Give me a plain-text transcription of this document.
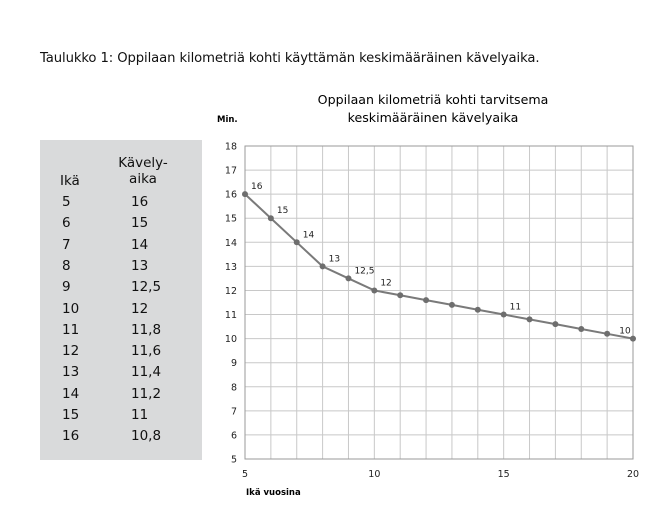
Taulukko 1: Oppilaan kilometriä kohti käyttämän keskimääräinen kävelyaika.
Ikä
Kävely-
aika
5	16
6	15
7	14
8	13
9	12,5
10	12
11	11,8
12	11,6
13	11,4
14	11,2
15	11
16	10,8
Oppilaan kilometriä kohti tarvitsema
keskimääräinen kävelyaika
Min.
Ikä vuosina
5
6
7
8
9
10
11
12
13
14
15
16
17
18
5	10	15	20
16
15
14
13
12,5
12
11
10
